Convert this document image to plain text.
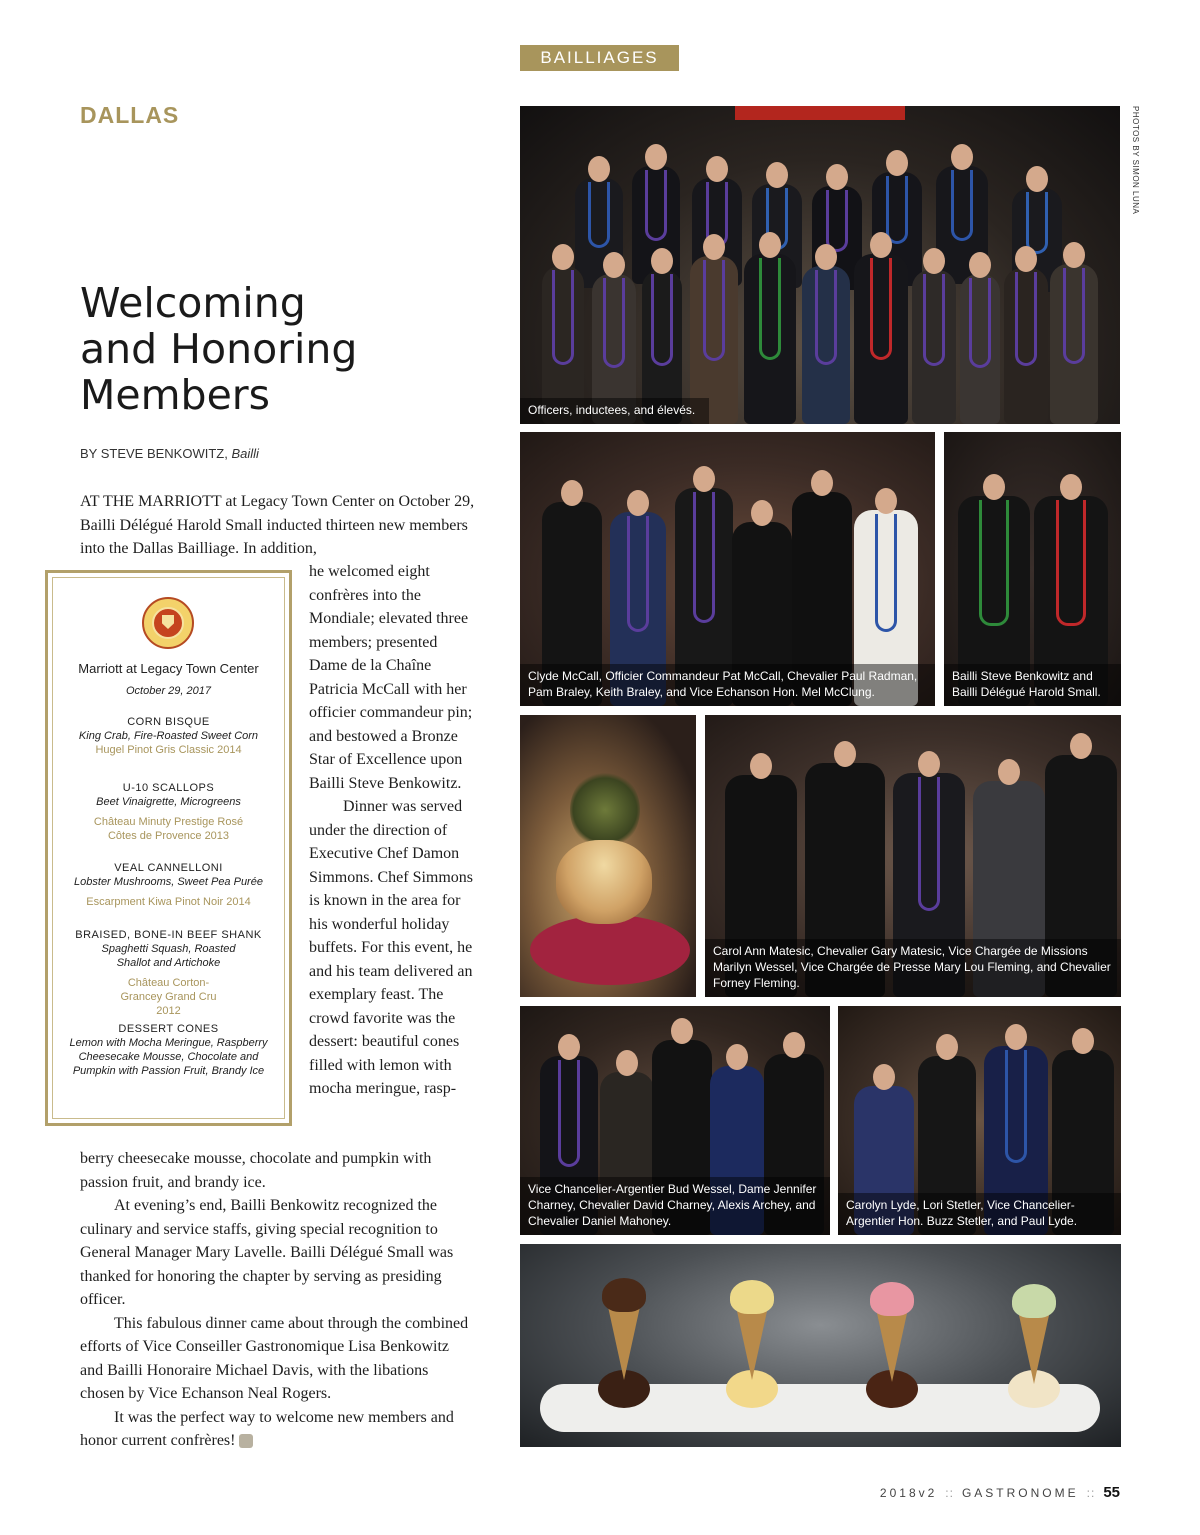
BAILLIAGES
DALLAS
Welcoming
and Honoring
Members
BY STEVE BENKOWITZ, Bailli

AT THE MARRIOTT at Legacy Town Center on October 29, Bailli Délégué Harold Small inducted thirteen new members into the Dallas Bailliage. In addition,

he welcomed eight confrères into the Mondiale; elevated three members; presented Dame de la Chaîne Patricia McCall with her officier commandeur pin; and bestowed a Bronze Star of Excellence upon Bailli Steve Benkowitz.

Dinner was served under the direction of Executive Chef Damon Simmons. Chef Simmons is known in the area for his wonderful holiday buffets. For this event, he and his team delivered an exemplary feast. The crowd favorite was the dessert: beautiful cones filled with lemon with mocha meringue, rasp-

berry cheesecake mousse, chocolate and pumpkin with passion fruit, and brandy ice.

At evening’s end, Bailli Benkowitz recognized the culinary and service staffs, giving special recognition to General Manager Mary Lavelle. Bailli Délégué Small was thanked for honoring the chapter by serving as presiding officer.

This fabulous dinner came about through the combined efforts of Vice Conseiller Gastronomique Lisa Benkowitz and Bailli Honoraire Michael Davis, with the libations chosen by Vice Echanson Neal Rogers.

It was the perfect way to welcome new members and honor current confrères!	G

Marriott at Legacy Town Center
October 29, 2017
CORN BISQUE
King Crab, Fire-Roasted Sweet Corn
Hugel Pinot Gris Classic 2014
U-10 SCALLOPS
Beet Vinaigrette, Microgreens
Château Minuty Prestige Rosé Côtes de Provence 2013
VEAL CANNELLONI
Lobster Mushrooms, Sweet Pea Purée
Escarpment Kiwa Pinot Noir 2014
BRAISED, BONE-IN BEEF SHANK
Spaghetti Squash, Roasted Shallot and Artichoke
Château Corton-Grancey Grand Cru 2012
DESSERT CONES
Lemon with Mocha Meringue, Raspberry Cheesecake Mousse, Chocolate and Pumpkin with Passion Fruit, Brandy Ice
Officers, inductees, and élevés.
Clyde McCall, Officier Commandeur Pat McCall, Chevalier Paul Radman, Pam Braley, Keith Braley, and Vice Echanson Hon. Mel McClung.
Bailli Steve Benkowitz and Bailli Délégué Harold Small.
Carol Ann Matesic, Chevalier Gary Matesic, Vice Chargée de Missions Marilyn Wessel, Vice Chargée de Presse Mary Lou Fleming, and Chevalier Forney Fleming.
Vice Chancelier-Argentier Bud Wessel, Dame Jennifer Charney, Chevalier David Charney, Alexis Archey, and Chevalier Daniel Mahoney.
Carolyn Lyde, Lori Stetler, Vice Chancelier-Argentier Hon. Buzz Stetler, and Paul Lyde.
PHOTOS BY SIMON LUNA
2018v2 :: GASTRONOME :: 55
